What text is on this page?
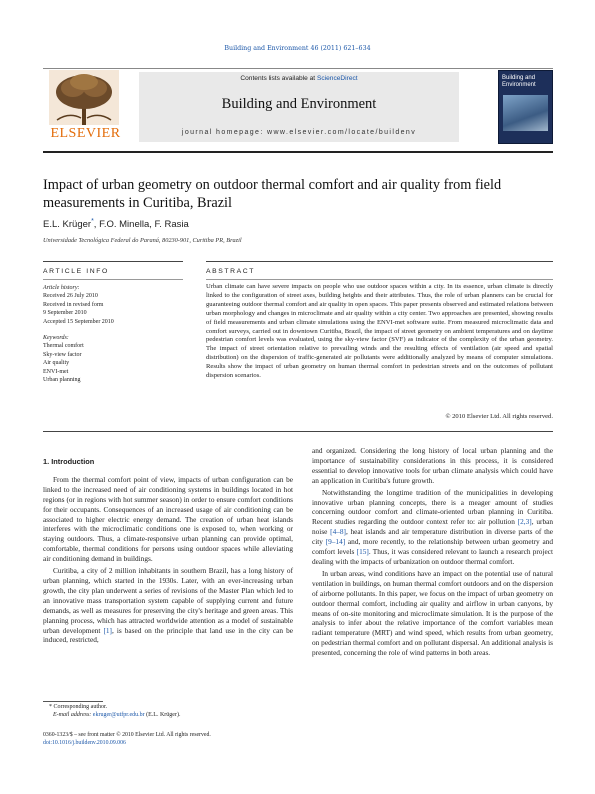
Building and Environment 46 (2011) 621–634
ELSEVIER
Contents lists available at ScienceDirect
Building and Environment
journal homepage: www.elsevier.com/locate/buildenv
Building and
Environment
Impact of urban geometry on outdoor thermal comfort and air quality from field measurements in Curitiba, Brazil
E.L. Krüger*, F.O. Minella, F. Rasia
Universidade Tecnológica Federal do Paraná, 80230-901, Curitiba PR, Brazil
ARTICLE INFO	ABSTRACT
Article history:
Received 26 July 2010
Received in revised form
9 September 2010
Accepted 15 September 2010
Keywords:
Thermal comfort
Sky-view factor
Air quality
ENVI-met
Urban planning
Urban climate can have severe impacts on people who use outdoor spaces within a city. In its essence, urban climate is directly linked to the configuration of street axes, building heights and their attributes. Thus, the role of urban planners can be crucial for guaranteeing outdoor thermal comfort and air quality in open spaces. This paper presents observed and estimated relations between urban morphology and changes in microclimate and air quality within a city center. Two approaches are presented, showing results of field measurements and urban climate simulations using the ENVI-met software suite. From measured microclimatic data and comfort surveys, carried out in downtown Curitiba, Brazil, the impact of street geometry on ambient temperatures and on daytime pedestrian comfort levels was evaluated, using the sky-view factor (SVF) as indicator of the complexity of the urban geometry. The impact of street orientation relative to prevailing winds and the resulting effects of ventilation (air speed and spatial distribution) on the dispersion of traffic-generated air pollutants were additionally analyzed by means of computer simulations. Results show the impact of urban geometry on human thermal comfort in pedestrian streets and on the outcomes of pollutant dispersion scenarios.
© 2010 Elsevier Ltd. All rights reserved.
1. Introduction

From the thermal comfort point of view, impacts of urban configuration can be linked to the increased need of air conditioning systems in buildings located in hot regions (or in regions with hot summer season) in order to ensure comfort conditions for their occupants. Consequences of an increased usage of air conditioning can be associated to higher electric energy demand. The creation of urban heat islands interferes with the microclimatic conditions one is exposed to, when working or staying outdoors. Thus, a climate-responsive urban planning can provide optimal, comfortable, thermal conditions for persons using outdoor spaces while alleviating air conditioning demand in buildings.

Curitiba, a city of 2 million inhabitants in southern Brazil, has a long history of urban planning, which started in the 1930s. Later, with an ever-increasing urban growth, the city plan underwent a series of revisions of the Master Plan which led to an innovative mass transportation system capable of supplying current and future demands, as well as measures for preserving the city's heritage and green areas. This planning process, which has attracted worldwide attention as a model of sustainable urban development [1], is based on the principle that land use in the city can be induced, restricted,

and organized. Considering the long history of local urban planning and the importance of sustainability considerations in this process, it is considered essential to develop innovative tools for urban climate analysis which could have an application in Curitiba's future growth.

Notwithstanding the longtime tradition of the municipalities in developing innovative urban planning concepts, there is a meager amount of studies concerning outdoor comfort and climate-oriented urban planning in Curitiba. Recent studies regarding the outdoor context refer to: air pollution [2,3], urban noise [4–8], heat islands and air temperature distribution in diverse parts of the city [9–14] and, more recently, to the relationship between urban geometry and comfort levels [15]. Thus, it was considered relevant to launch a research project dealing with the impacts of urbanization on outdoor thermal comfort.

In urban areas, wind conditions have an impact on the potential use of natural ventilation in buildings, on human thermal comfort outdoors and on the dispersion of airborne pollutants. In this paper, we focus on the impact of urban geometry on outdoor thermal comfort, including air quality and airflow in urban canyons, by means of on-site monitoring and microclimate simulation. It is the purpose of the analysis to infer about the relative importance of the comfort variables mean radiant temperature (MRT) and wind speed, which results from urban geometry, on pedestrian thermal comfort and on pollutant dispersal. An additional analysis is presented, concerning the role of wind patterns in both areas.

* Corresponding author.
E-mail address: ekruger@utfpr.edu.br (E.L. Krüger).
0360-1323/$ – see front matter © 2010 Elsevier Ltd. All rights reserved.
doi:10.1016/j.buildenv.2010.09.006
